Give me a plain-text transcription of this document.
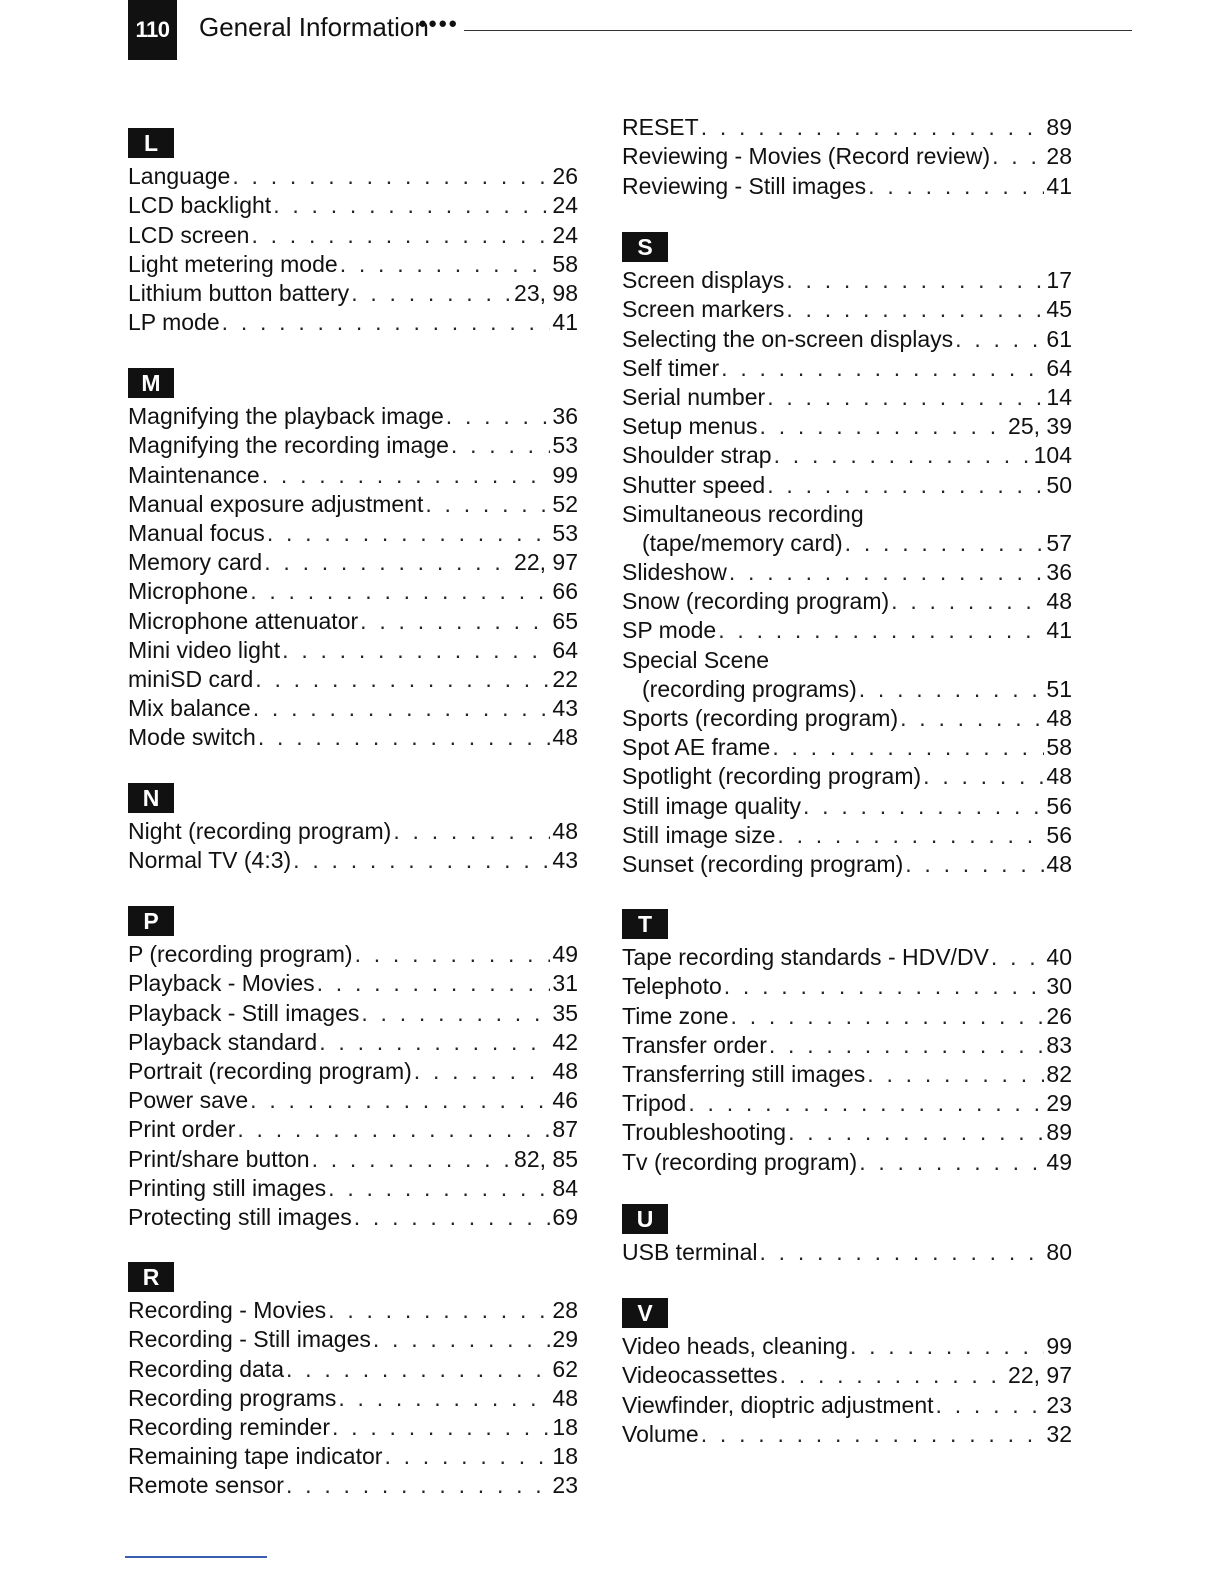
110 General Information
●●●●
L
Language . . .	26
LCD backlight . . .	24
LCD screen . . .	24
Light metering mode . . .	58
Lithium button battery . . .	23, 98
LP mode . . .	41
M
Magnifying the playback image . . .	36
Magnifying the recording image . . .	53
Maintenance . . .	99
Manual exposure adjustment . . .	52
Manual focus . . .	53
Memory card . . .	22, 97
Microphone . . .	66
Microphone attenuator . . .	65
Mini video light . . .	64
miniSD card . . .	22
Mix balance . . .	43
Mode switch . . .	48
N
Night (recording program) . . .	48
Normal TV (4:3) . . .	43
P
P (recording program) . . .	49
Playback - Movies . . .	31
Playback - Still images . . .	35
Playback standard . . .	42
Portrait (recording program) . . .	48
Power save . . .	46
Print order . . .	87
Print/share button . . .	82, 85
Printing still images . . .	84
Protecting still images . . .	69
R
Recording - Movies . . .	28
Recording - Still images . . .	29
Recording data . . .	62
Recording programs . . .	48
Recording reminder . . .	18
Remaining tape indicator . . .	18
Remote sensor . . .	23
RESET . . .	89
Reviewing - Movies (Record review) . . . 28
Reviewing - Still images . . .	41
S
Screen displays . . .	17
Screen markers . . .	45
Selecting the on-screen displays . . .	61
Self timer . . .	64
Serial number . . .	14
Setup menus . . .	25, 39
Shoulder strap . . .	104
Shutter speed . . .	50
Simultaneous recording
(tape/memory card) . . .	57
Slideshow . . .	36
Snow (recording program) . . .	48
SP mode . . .	41
Special Scene
(recording programs) . . .	51
Sports (recording program) . . .	48
Spot AE frame . . .	58
Spotlight (recording program) . . .	48
Still image quality . . .	56
Still image size . . .	56
Sunset (recording program) . . .	48
T
Tape recording standards - HDV/DV . . .	40
Telephoto . . .	30
Time zone . . .	26
Transfer order . . .	83
Transferring still images . . .	82
Tripod . . .	29
Troubleshooting . . .	89
Tv (recording program) . . .	49
U
USB terminal . . .	80
V
Video heads, cleaning . . .	99
Videocassettes . . .	22, 97
Viewfinder, dioptric adjustment . . .	23
Volume . . .	32
